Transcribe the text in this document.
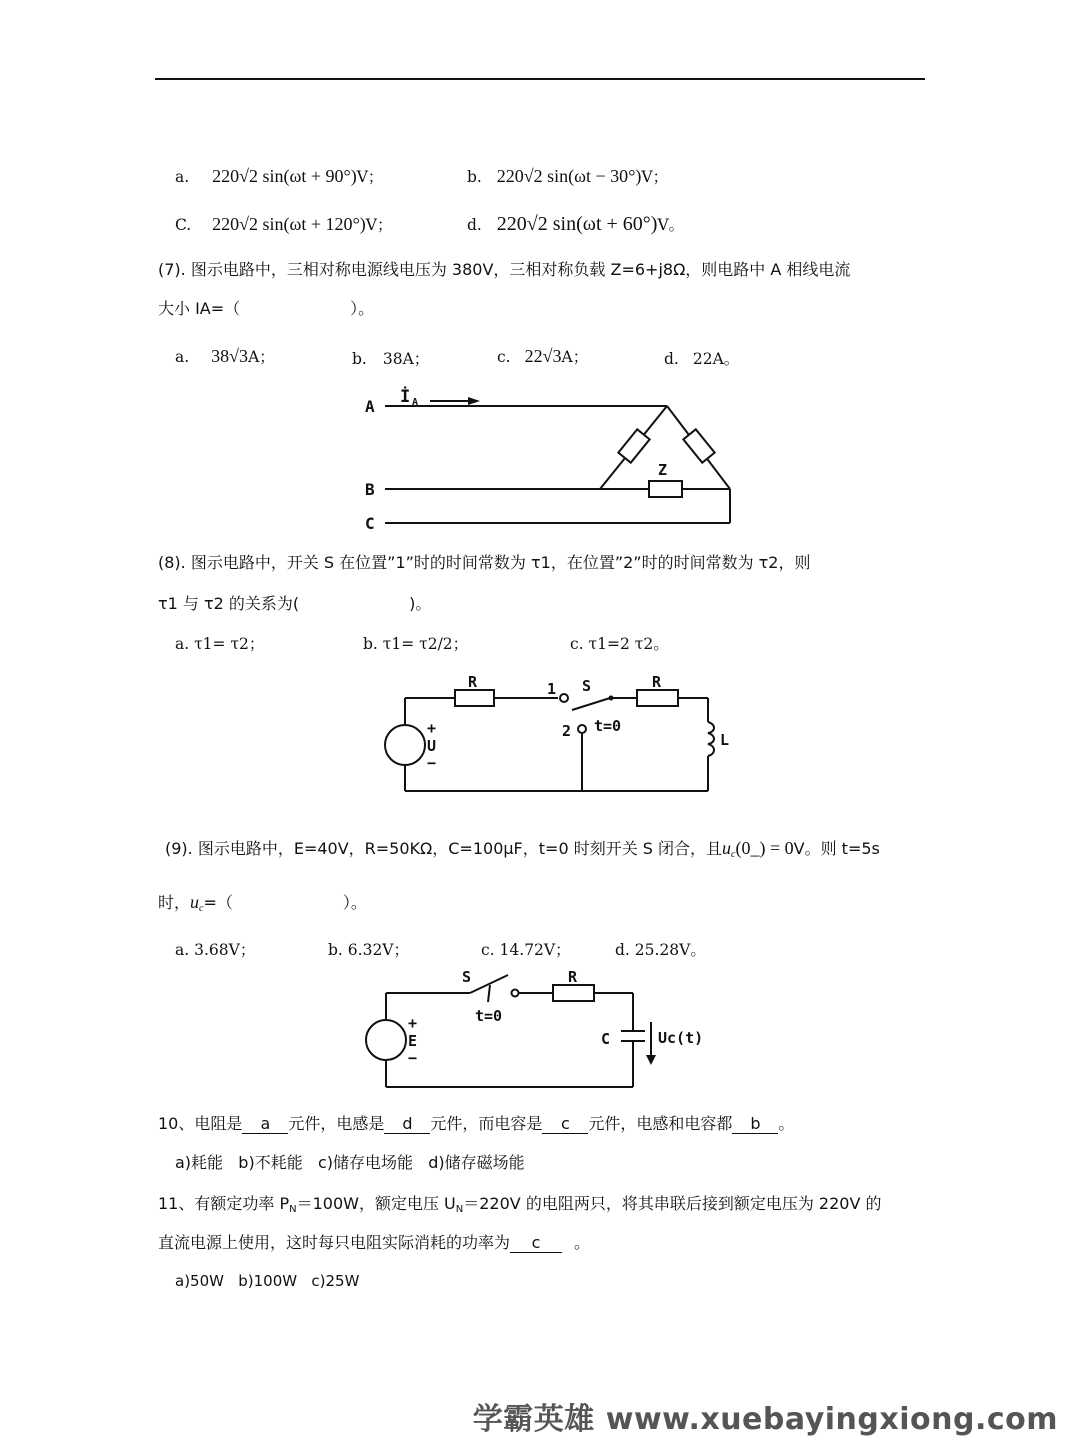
a. 220√2 sin(ωt + 90°)V；	b. 220√2 sin(ωt − 30°)V；
C. 220√2 sin(ωt + 120°)V；	d. 220√2 sin(ωt + 60°)V。
(7). 图示电路中，三相对称电源线电压为 380V，三相对称负载 Z=6+j8Ω，则电路中 A 相线电流
大小 IA=（	）。
a. 38√3A；	b. 38A；	c. 22√3A；	d. 22A。
A
B
C
İ A
Z
(8). 图示电路中，开关 S 在位置”1”时的时间常数为 τ1，在位置”2”时的时间常数为 τ2，则
τ1 与 τ2 的关系为(	)。
a. τ1= τ2；	b. τ1= τ2/2；	c. τ1=2 τ2。
R	R
1
2
S
t=0
+
U
−
L
(9). 图示电路中，E=40V，R=50KΩ，C=100μF，t=0 时刻开关 S 闭合，且$u_c(0\_) = 0V$。则 t=5s
时，$u_c=$（	）。
a. 3.68V；	b. 6.32V；	c. 14.72V；	d. 25.28V。
S
t=0
R
+
E
−
C	Uc(t)
10、电阻是 a 元件，电感是 d 元件，而电容是 c 元件，电感和电容都 b 。
a)耗能   b)不耗能   c)储存电场能   d)储存磁场能
11、有额定功率 $P_N=100W$，额定电压 $U_N=220V$ 的电阻两只，将其串联后接到额定电压为 220V 的
直流电源上使用，这时每只电阻实际消耗的功率为 c 。
a)50W   b)100W   c)25W
学霸英雄 www.xuebayingxiong.com
